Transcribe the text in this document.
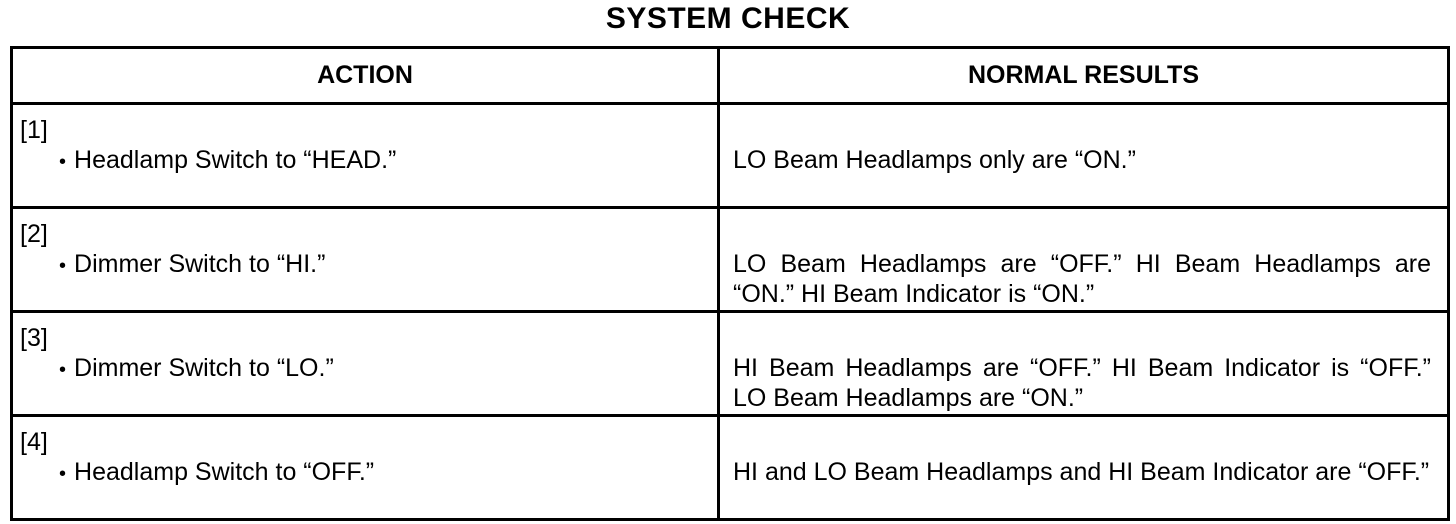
SYSTEM CHECK
ACTION	NORMAL RESULTS

[1]
• Headlamp Switch to “HEAD.”	LO Beam Headlamps only are “ON.”

[2]
• Dimmer Switch to “HI.”	LO Beam Headlamps are “OFF.” HI Beam Headlamps are “ON.” HI Beam Indicator is “ON.”

[3]
• Dimmer Switch to “LO.”	HI Beam Headlamps are “OFF.” HI Beam Indicator is “OFF.” LO Beam Headlamps are “ON.”

[4]
• Headlamp Switch to “OFF.”	HI and LO Beam Headlamps and HI Beam Indicator are “OFF.”
